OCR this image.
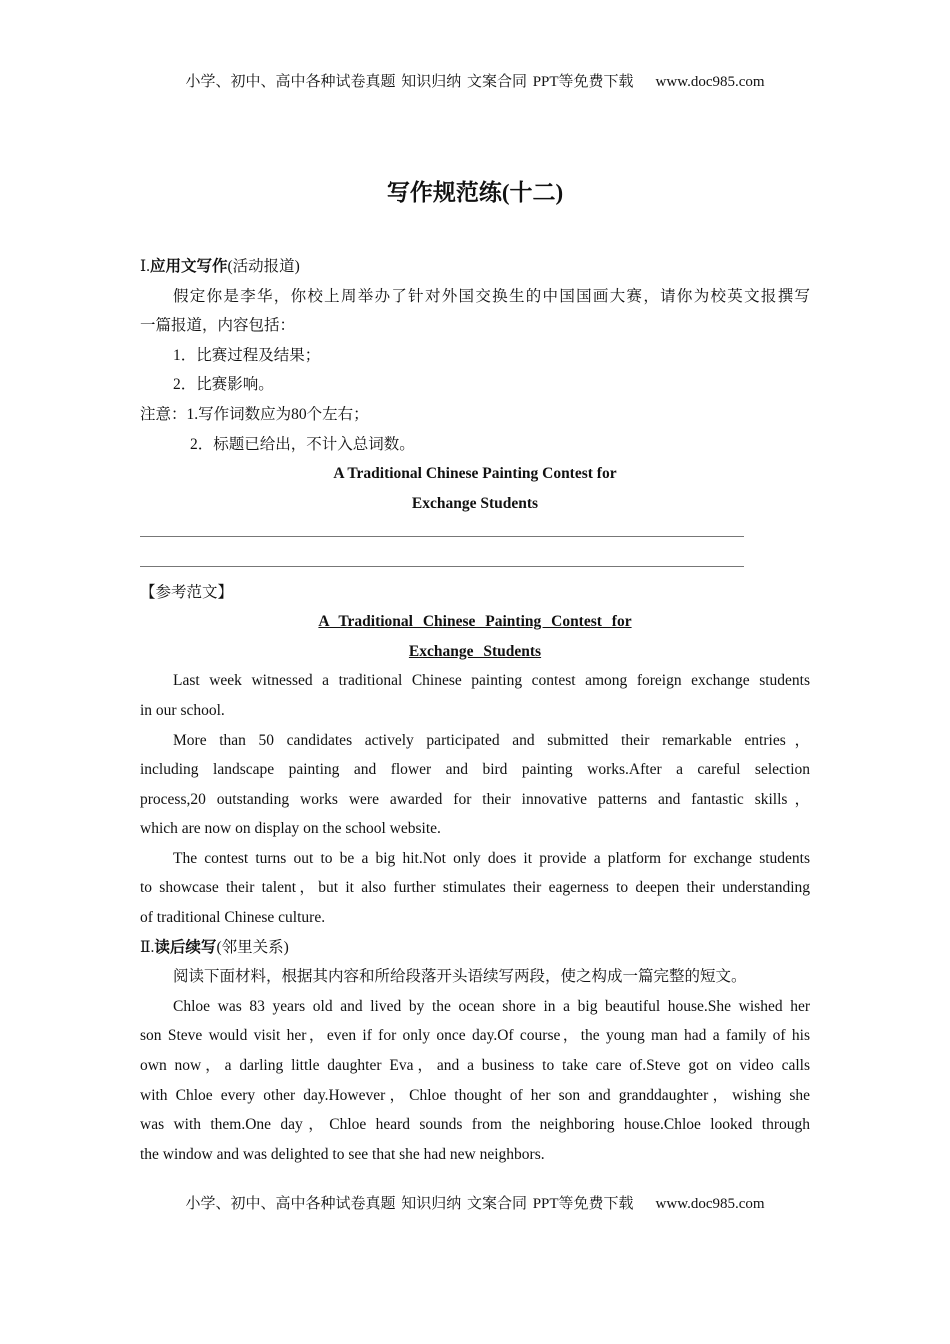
小学、初中、高中各种试卷真题 知识归纳 文案合同 PPT等免费下载 www.doc985.com
写作规范练(十二)
Ⅰ.应用文写作(活动报道)
假定你是李华，你校上周举办了针对外国交换生的中国国画大赛，请你为校英文报撰写
一篇报道，内容包括：
1．比赛过程及结果；
2．比赛影响。
注意：1.写作词数应为80个左右；
2．标题已给出，不计入总词数。
A Traditional Chinese Painting Contest for
Exchange Students
【参考范文】
A Traditional Chinese Painting Contest for
Exchange Students
Last week witnessed a traditional Chinese painting contest among foreign exchange students
in our school.
More than 50 candidates actively participated and submitted their remarkable entries，
including landscape painting and flower and bird painting works.After a careful selection
process,20 outstanding works were awarded for their innovative patterns and fantastic skills，
which are now on display on the school website.
The contest turns out to be a big hit.Not only does it provide a platform for exchange students
to showcase their talent，but it also further stimulates their eagerness to deepen their understanding
of traditional Chinese culture.
Ⅱ.读后续写(邻里关系)
阅读下面材料，根据其内容和所给段落开头语续写两段，使之构成一篇完整的短文。
Chloe was 83 years old and lived by the ocean shore in a big beautiful house.She wished her
son Steve would visit her，even if for only once day.Of course，the young man had a family of his
own now，a darling little daughter Eva，and a business to take care of.Steve got on video calls
with Chloe every other day.However，Chloe thought of her son and granddaughter，wishing she
was with them.One day，Chloe heard sounds from the neighboring house.Chloe looked through
the window and was delighted to see that she had new neighbors.
小学、初中、高中各种试卷真题 知识归纳 文案合同 PPT等免费下载 www.doc985.com
